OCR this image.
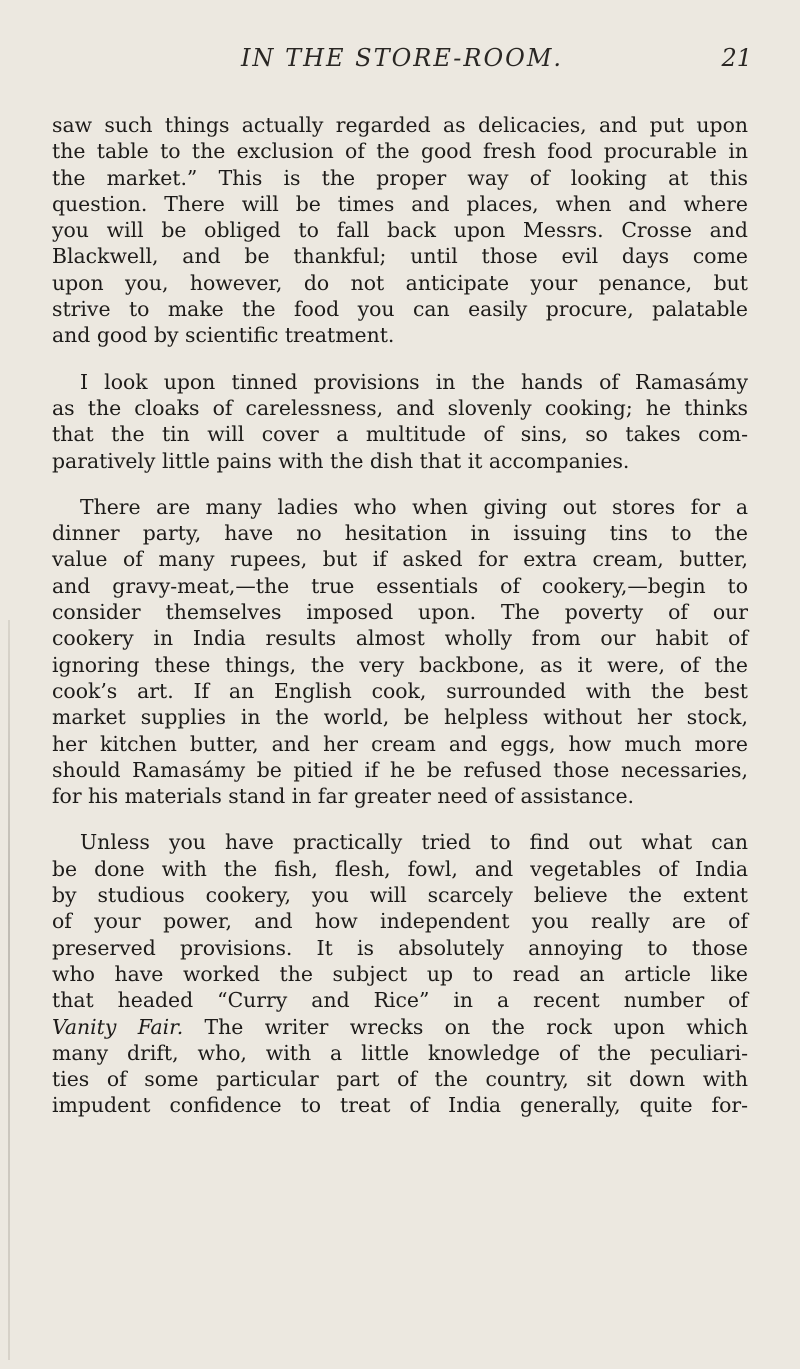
IN THE STORE-ROOM.	21
saw such things actually regarded as delicacies, and put upon
the table to the exclusion of the good fresh food procurable in
the market.” This is the proper way of looking at this
question. There will be times and places, when and where
you will be obliged to fall back upon Messrs. Crosse and
Blackwell, and be thankful; until those evil days come
upon you, however, do not anticipate your penance, but
strive to make the food you can easily procure, palatable
and good by scientific treatment.
I look upon tinned provisions in the hands of Ramasámy
as the cloaks of carelessness, and slovenly cooking; he thinks
that the tin will cover a multitude of sins, so takes com-
paratively little pains with the dish that it accompanies.
There are many ladies who when giving out stores for a
dinner party, have no hesitation in issuing tins to the
value of many rupees, but if asked for extra cream, butter,
and gravy-meat,—the true essentials of cookery,—begin to
consider themselves imposed upon. The poverty of our
cookery in India results almost wholly from our habit of
ignoring these things, the very backbone, as it were, of the
cook’s art. If an English cook, surrounded with the best
market supplies in the world, be helpless without her stock,
her kitchen butter, and her cream and eggs, how much more
should Ramasámy be pitied if he be refused those necessaries,
for his materials stand in far greater need of assistance.
Unless you have practically tried to find out what can
be done with the fish, flesh, fowl, and vegetables of India
by studious cookery, you will scarcely believe the extent
of your power, and how independent you really are of
preserved provisions. It is absolutely annoying to those
who have worked the subject up to read an article like
that headed “Curry and Rice” in a recent number of
Vanity Fair. The writer wrecks on the rock upon which
many drift, who, with a little knowledge of the peculiari-
ties of some particular part of the country, sit down with
impudent confidence to treat of India generally, quite for-
